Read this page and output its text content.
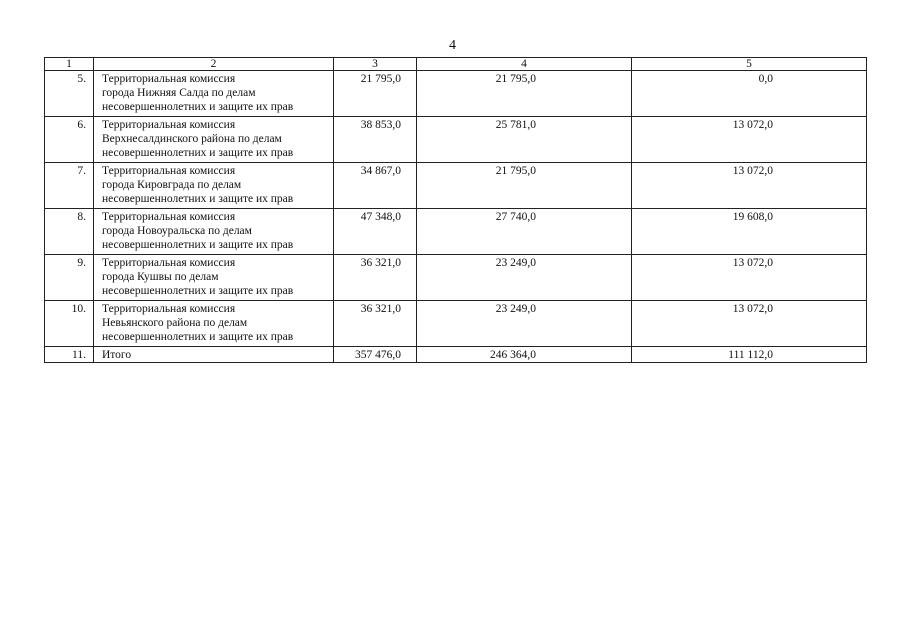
4
1	2	3	4	5
5.	Территориальная комиссия
города Нижняя Салда по делам
несовершеннолетних и защите их прав	21 795,0	21 795,0	0,0
6.	Территориальная комиссия
Верхнесалдинского района по делам
несовершеннолетних и защите их прав	38 853,0	25 781,0	13 072,0
7.	Территориальная комиссия
города Кировграда по делам
несовершеннолетних и защите их прав	34 867,0	21 795,0	13 072,0
8.	Территориальная комиссия
города Новоуральска по делам
несовершеннолетних и защите их прав	47 348,0	27 740,0	19 608,0
9.	Территориальная комиссия
города Кушвы по делам
несовершеннолетних и защите их прав	36 321,0	23 249,0	13 072,0
10.	Территориальная комиссия
Невьянского района по делам
несовершеннолетних и защите их прав	36 321,0	23 249,0	13 072,0
11.	Итого	357 476,0	246 364,0	111 112,0
